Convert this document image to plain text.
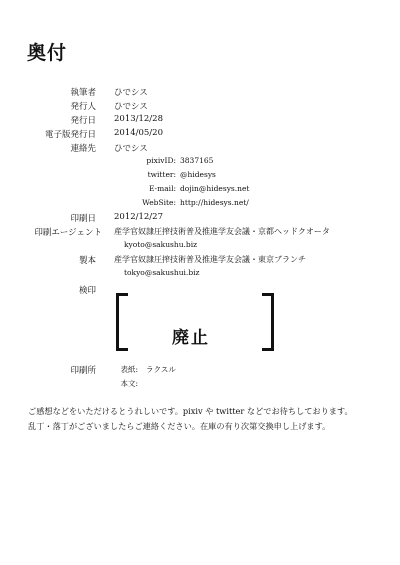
奥付
執筆者 ひでシス
発行人 ひでシス
発行日 2013/12/28
電子版発行日 2014/05/20
連絡先 ひでシス
pixivID: 3837165
twitter: @hidesys
E-mail: dojin@hidesys.net
WebSite: http://hidesys.net/
印刷日 2012/12/27
印刷エージェント 産学官奴隷圧搾技術普及推進学友会議・京都ヘッドクオータ
kyoto@sakushu.biz
製本 産学官奴隷圧搾技術普及推進学友会議・東京ブランチ
tokyo@sakushui.biz
検印
廃止
印刷所	表紙: ラクスル
本文:
ご感想などをいただけるとうれしいです。pixiv や twitter などでお待ちしております。
乱丁・落丁がございましたらご連絡ください。在庫の有り次第交換申し上げます。
